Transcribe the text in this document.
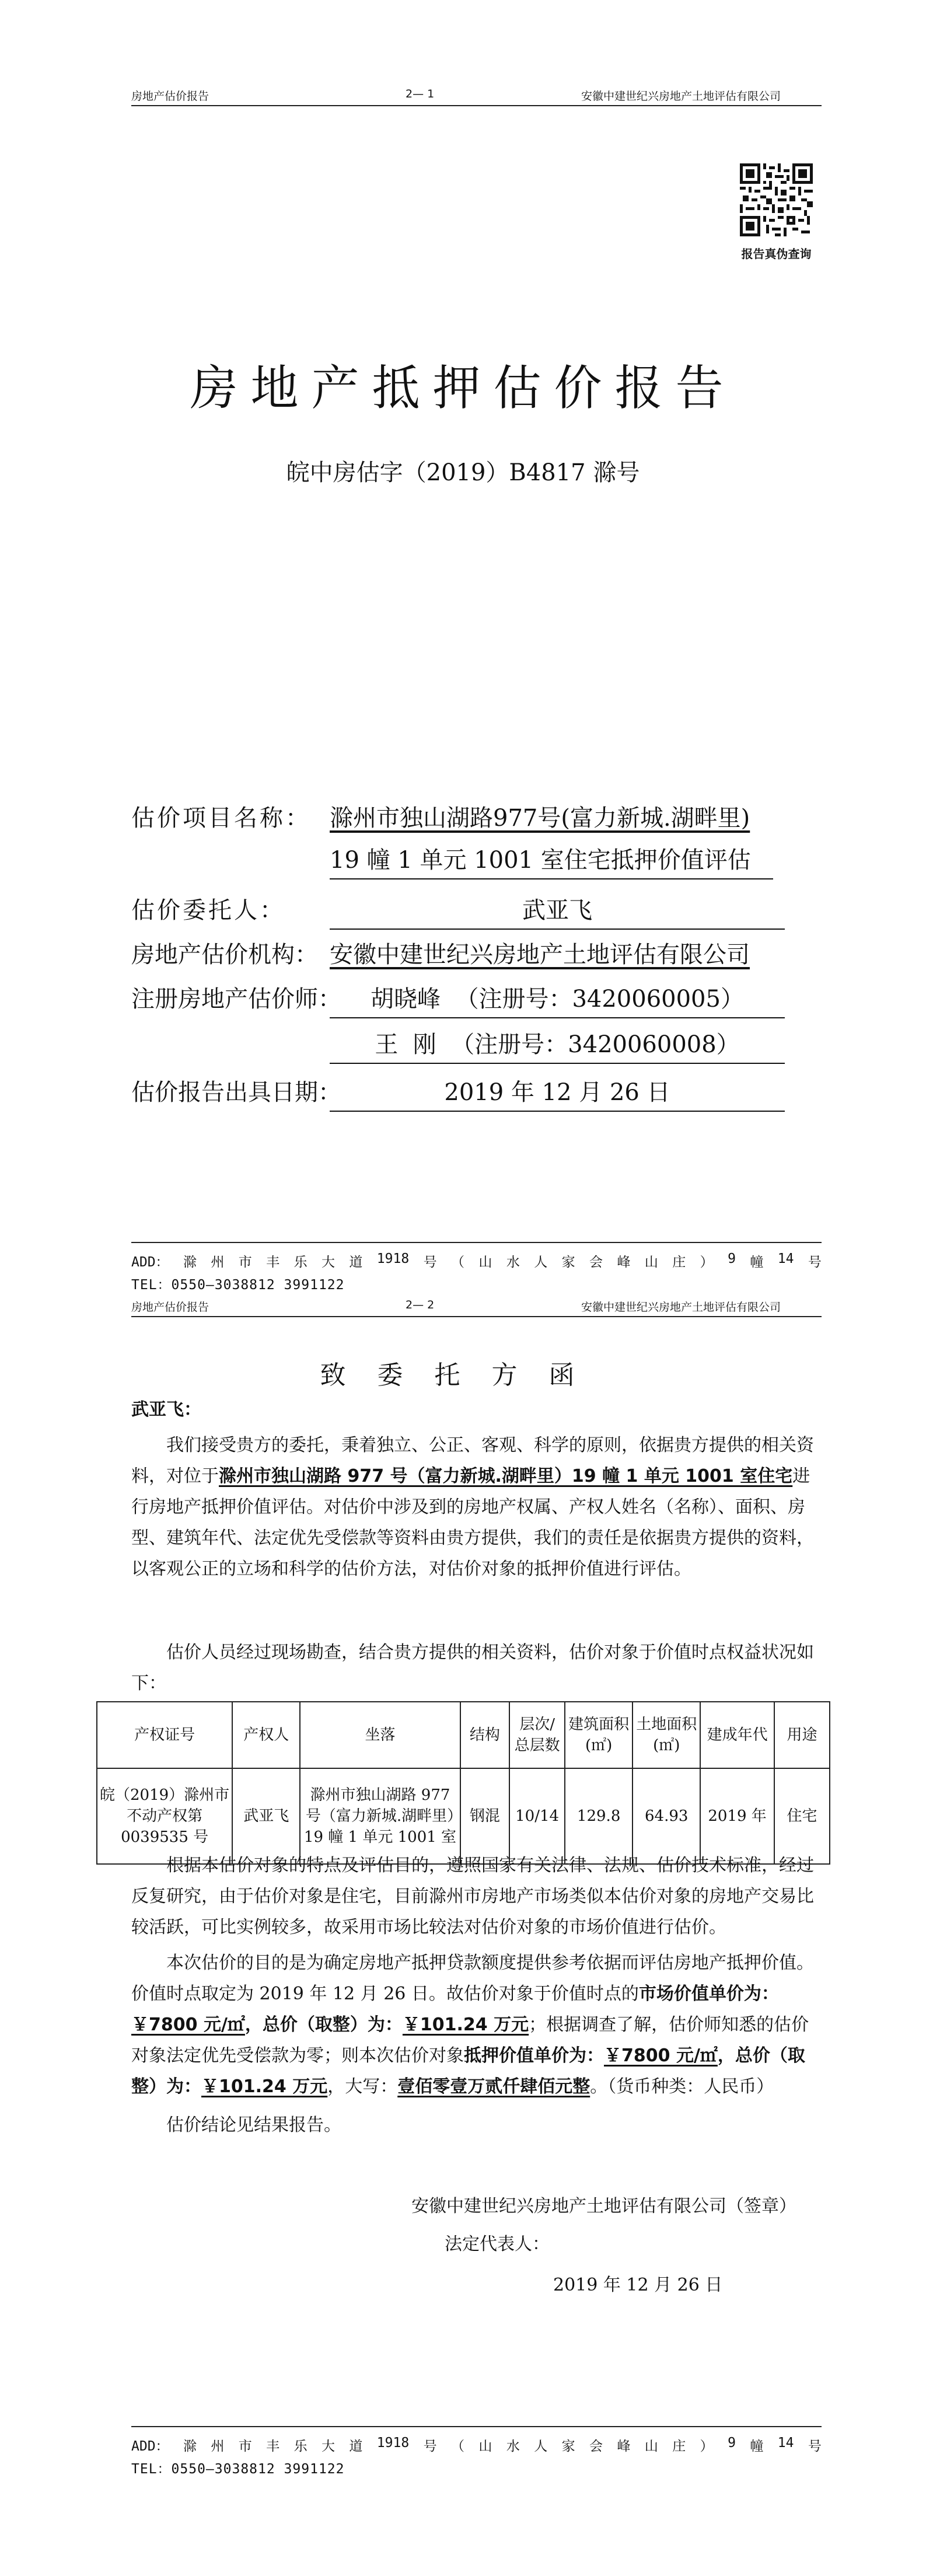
房地产估价报告	2— 1	安徽中建世纪兴房地产土地评估有限公司
报告真伪查询
房地产抵押估价报告
皖中房估字（2019）B4817 滁号
估价项目名称： 滁州市独山湖路977号(富力新城.湖畔里)
19 幢 1 单元 1001 室住宅抵押价值评估
估价委托人：	武亚飞
房地产估价机构： 安徽中建世纪兴房地产土地评估有限公司
注册房地产估价师： 胡晓峰  （注册号：3420060005）
王  刚  （注册号：3420060008）
估价报告出具日期：	2019 年 12 月 26 日
ADD： 滁 州 市 丰 乐 大 道 1918 号 （ 山 水 人 家 会 峰 山 庄 ） 9 幢 14 号
TEL：0550—3038812 3991122
房地产估价报告	2— 2	安徽中建世纪兴房地产土地评估有限公司
致委托方函
武亚飞：

我们接受贵方的委托，秉着独立、公正、客观、科学的原则，依据贵方提供的相关资料，对位于滁州市独山湖路 977 号（富力新城.湖畔里）19 幢 1 单元 1001 室住宅进行房地产抵押价值评估。对估价中涉及到的房地产权属、产权人姓名（名称）、面积、房型、建筑年代、法定优先受偿款等资料由贵方提供，我们的责任是依据贵方提供的资料，以客观公正的立场和科学的估价方法，对估价对象的抵押价值进行评估。

估价人员经过现场勘查，结合贵方提供的相关资料，估价对象于价值时点权益状况如下：

产权证号	产权人	坐落	结构	层次/总层数	建筑面积(㎡)	土地面积(㎡)	建成年代	用途
皖（2019）滁州市不动产权第 0039535 号	武亚飞	滁州市独山湖路 977 号（富力新城.湖畔里）19 幢 1 单元 1001 室	钢混	10/14	129.8	64.93	2019 年	住宅

根据本估价对象的特点及评估目的，遵照国家有关法律、法规、估价技术标准，经过反复研究，由于估价对象是住宅，目前滁州市房地产市场类似本估价对象的房地产交易比较活跃，可比实例较多，故采用市场比较法对估价对象的市场价值进行估价。

本次估价的目的是为确定房地产抵押贷款额度提供参考依据而评估房地产抵押价值。价值时点取定为 2019 年 12 月 26 日。故估价对象于价值时点的市场价值单价为：￥7800 元/㎡，总价（取整）为：￥101.24 万元；根据调查了解，估价师知悉的估价对象法定优先受偿款为零；则本次估价对象抵押价值单价为：￥7800 元/㎡，总价（取整）为：￥101.24 万元，大写：壹佰零壹万贰仟肆佰元整。（货币种类：人民币）

估价结论见结果报告。

安徽中建世纪兴房地产土地评估有限公司（签章）
法定代表人：
2019 年 12 月 26 日
ADD： 滁 州 市 丰 乐 大 道 1918 号 （ 山 水 人 家 会 峰 山 庄 ） 9 幢 14 号
TEL：0550—3038812 3991122
